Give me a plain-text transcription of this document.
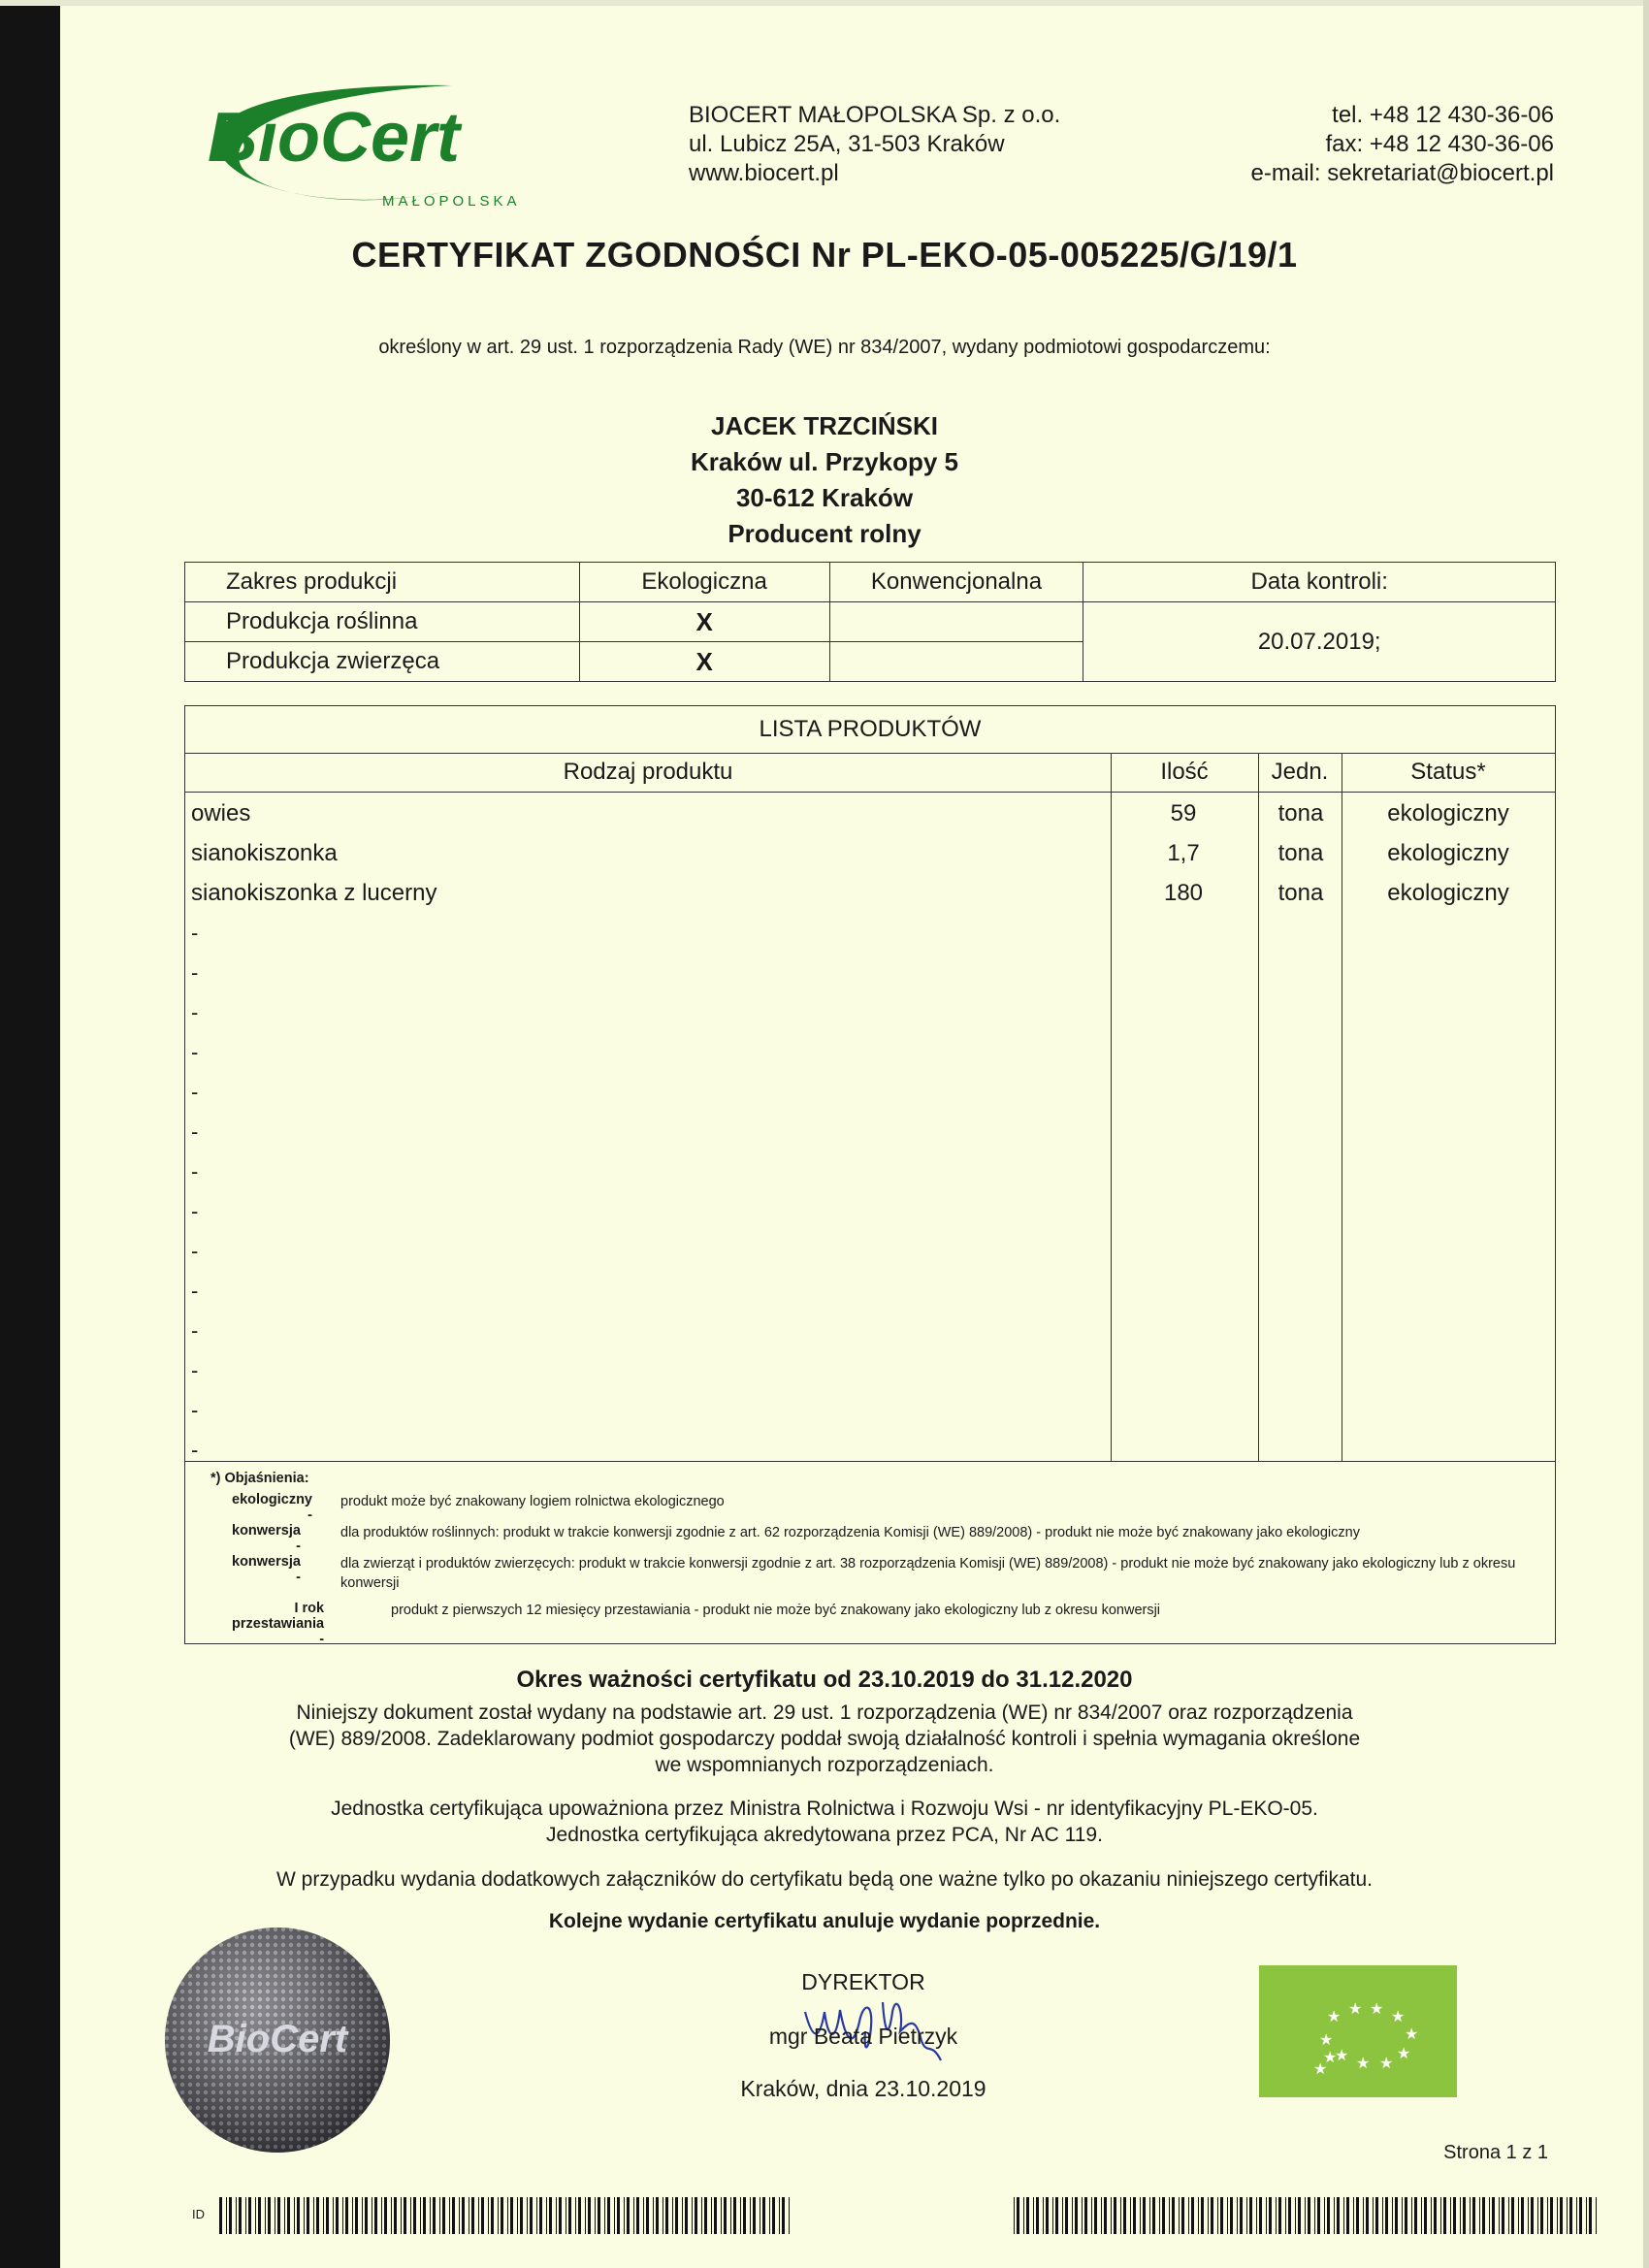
BioCert
MAŁOPOLSKA
BIOCERT MAŁOPOLSKA Sp. z o.o.
ul. Lubicz 25A, 31-503 Kraków
www.biocert.pl
tel. +48 12 430-36-06
fax: +48 12 430-36-06
e-mail: sekretariat@biocert.pl
CERTYFIKAT ZGODNOŚCI Nr PL-EKO-05-005225/G/19/1
określony w art. 29 ust. 1 rozporządzenia Rady (WE) nr 834/2007, wydany podmiotowi gospodarczemu:
JACEK TRZCIŃSKI
Kraków ul. Przykopy 5
30-612 Kraków
Producent rolny
Zakres produkcji	Ekologiczna	Konwencjonalna	Data kontroli:
Produkcja roślinna	X		20.07.2019;
Produkcja zwierzęca	X		
LISTA PRODUKTÓW
Rodzaj produktu	Ilość	Jedn.	Status*
owies	59	tona	ekologiczny
sianokiszonka	1,7	tona	ekologiczny
sianokiszonka z lucerny	180	tona	ekologiczny
-
-
-
-
-
-
-
-
-
-
-
-
-
-
*) Objaśnienia:
ekologiczny -
produkt może być znakowany logiem rolnictwa ekologicznego
konwersja -
dla produktów roślinnych: produkt w trakcie konwersji zgodnie z art. 62 rozporządzenia Komisji (WE) 889/2008) - produkt nie może być znakowany jako ekologiczny
konwersja -
dla zwierząt i produktów zwierzęcych: produkt w trakcie konwersji zgodnie z art. 38 rozporządzenia Komisji (WE) 889/2008) - produkt nie może być znakowany jako ekologiczny lub z okresu konwersji
I rok przestawiania -
produkt z pierwszych 12 miesięcy przestawiania - produkt nie może być znakowany jako ekologiczny lub z okresu konwersji
Okres ważności certyfikatu od 23.10.2019 do 31.12.2020
Niniejszy dokument został wydany na podstawie art. 29 ust. 1 rozporządzenia (WE) nr 834/2007 oraz rozporządzenia
(WE) 889/2008. Zadeklarowany podmiot gospodarczy poddał swoją działalność kontroli i spełnia wymagania określone
we wspomnianych rozporządzeniach.
Jednostka certyfikująca upoważniona przez Ministra Rolnictwa i Rozwoju Wsi - nr identyfikacyjny PL-EKO-05.
Jednostka certyfikująca akredytowana przez PCA, Nr AC 119.
W przypadku wydania dodatkowych załączników do certyfikatu będą one ważne tylko po okazaniu niniejszego certyfikatu.
Kolejne wydanie certyfikatu anuluje wydanie poprzednie.
BioCert
DYREKTOR
mgr Beata Pietrzyk
Kraków, dnia 23.10.2019
★ ★ ★ ★
★
★
★
★
★
★
★
★
Strona 1 z 1
ID
